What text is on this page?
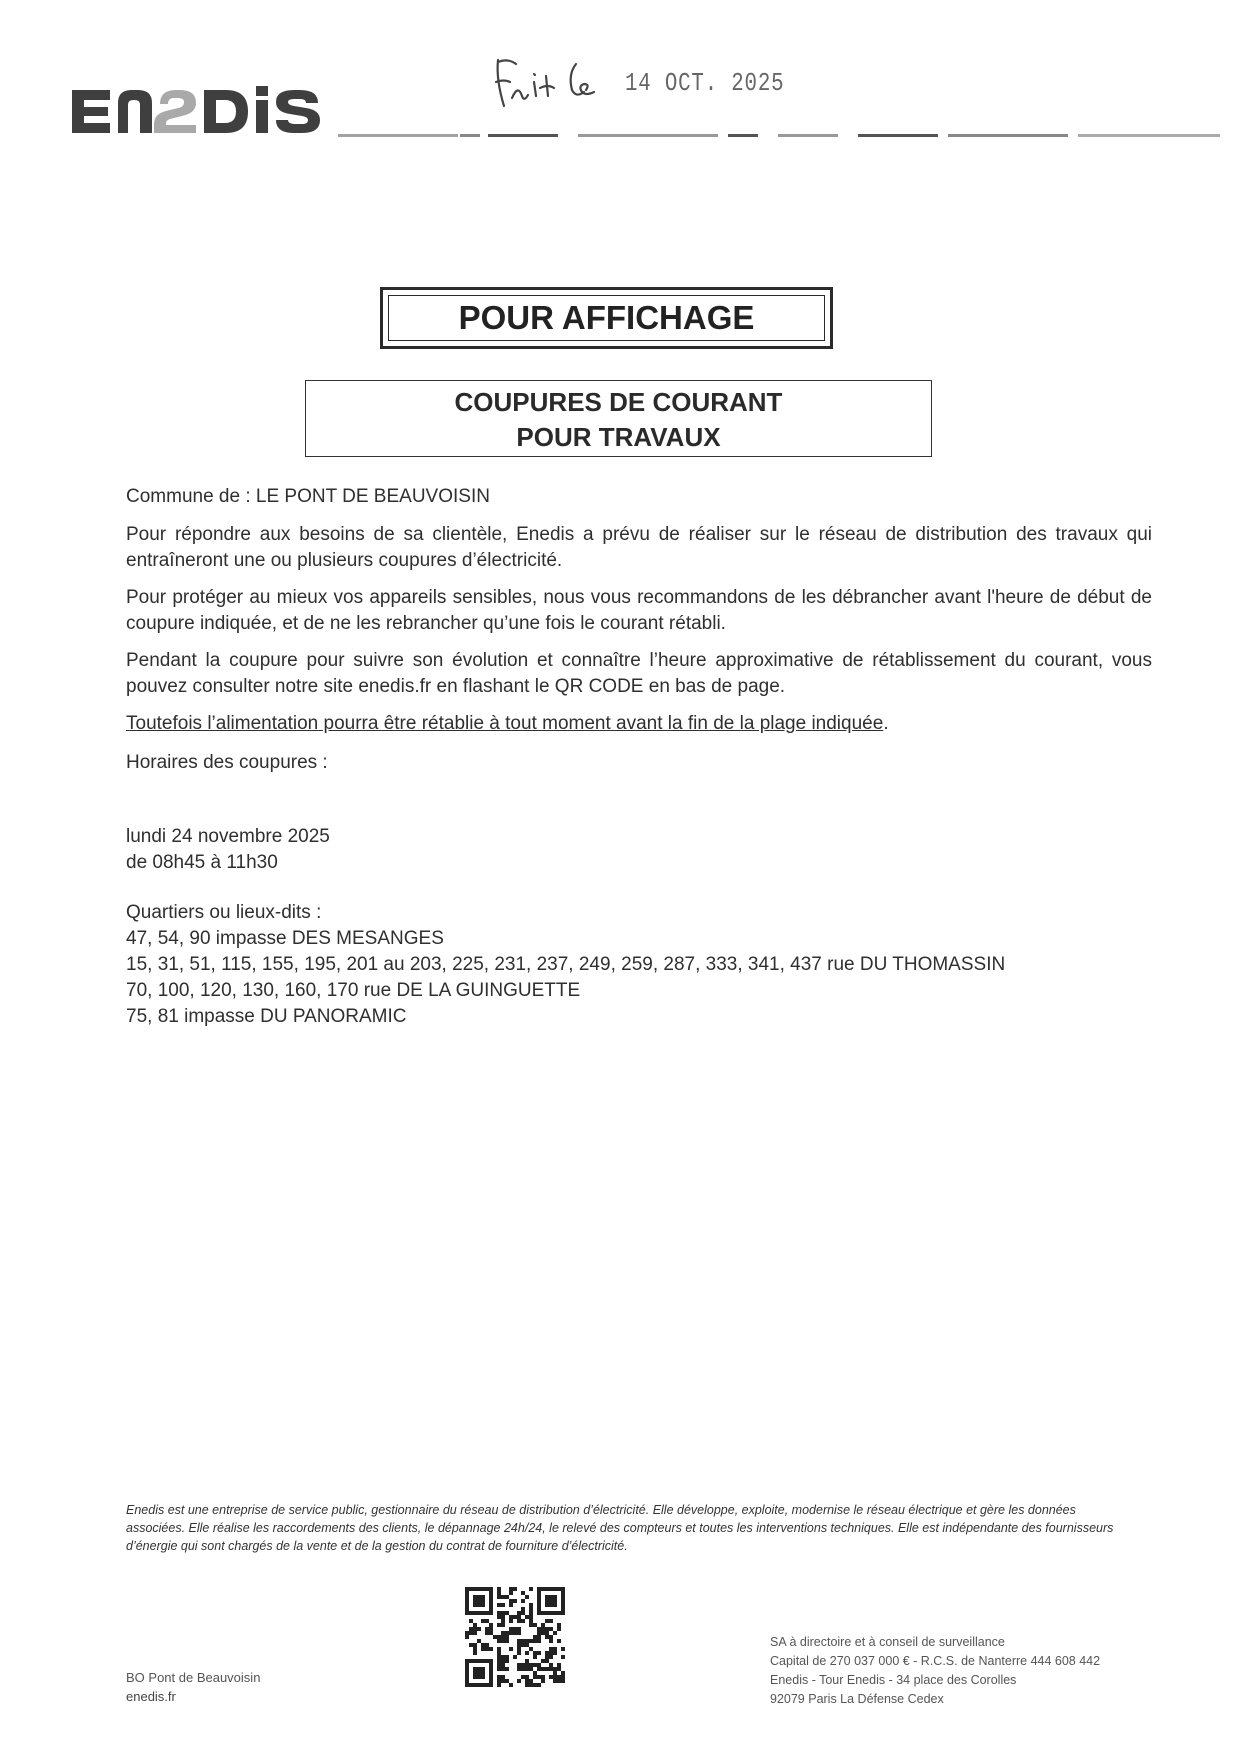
14 OCT. 2025
POUR AFFICHAGE
COUPURES DE COURANT
POUR TRAVAUX
Commune de : LE PONT DE BEAUVOISIN
Pour répondre aux besoins de sa clientèle, Enedis a prévu de réaliser sur le réseau de distribution des travaux qui entraîneront une ou plusieurs coupures d’électricité.
Pour protéger au mieux vos appareils sensibles, nous vous recommandons de les débrancher avant l'heure de début de coupure indiquée, et de ne les rebrancher qu’une fois le courant rétabli.
Pendant la coupure pour suivre son évolution et connaître l’heure approximative de rétablissement du courant, vous pouvez consulter notre site enedis.fr en flashant le QR CODE en bas de page.
Toutefois l’alimentation pourra être rétablie à tout moment avant la fin de la plage indiquée.
Horaires des coupures :
lundi 24 novembre 2025
de 08h45 à 11h30
Quartiers ou lieux-dits :
47, 54, 90 impasse DES MESANGES
15, 31, 51, 115, 155, 195, 201 au 203, 225, 231, 237, 249, 259, 287, 333, 341, 437 rue DU THOMASSIN
70, 100, 120, 130, 160, 170 rue DE LA GUINGUETTE
75, 81 impasse DU PANORAMIC
Enedis est une entreprise de service public, gestionnaire du réseau de distribution d’électricité. Elle développe, exploite, modernise le réseau électrique et gère les données associées. Elle réalise les raccordements des clients, le dépannage 24h/24, le relevé des compteurs et toutes les interventions techniques. Elle est indépendante des fournisseurs d’énergie qui sont chargés de la vente et de la gestion du contrat de fourniture d’électricité.
BO Pont de Beauvoisin
enedis.fr
SA à directoire et à conseil de surveillance
Capital de 270 037 000 € - R.C.S. de Nanterre 444 608 442
Enedis - Tour Enedis - 34 place des Corolles
92079 Paris La Défense Cedex
